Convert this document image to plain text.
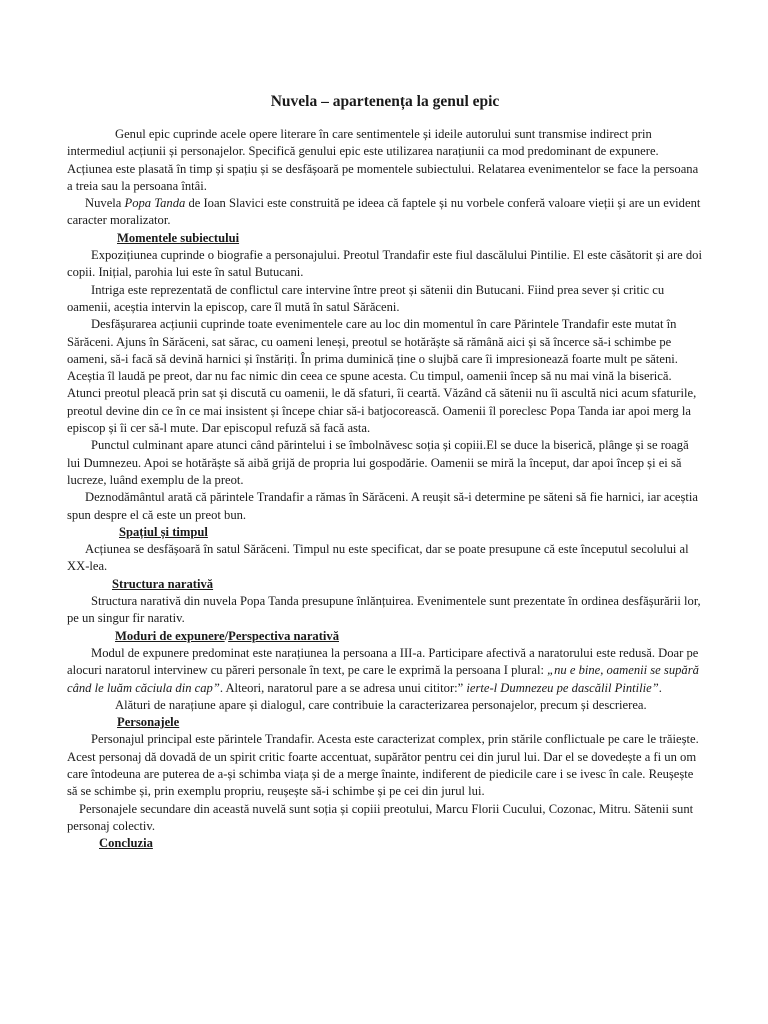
Nuvela – apartenența la genul epic

Genul epic cuprinde acele opere literare în care sentimentele și ideile autorului sunt transmise indirect prin intermediul acțiunii și personajelor. Specifică genului epic este utilizarea narațiunii ca mod predominant de expunere. Acțiunea este plasată în timp și spațiu și se desfășoară pe momentele subiectului. Relatarea evenimentelor se face la persoana a treia sau la persoana întâi.

Nuvela Popa Tanda de Ioan Slavici este construită pe ideea că faptele și nu vorbele conferă valoare vieții și are un evident caracter moralizator.

Momentele subiectului

Expozițiunea cuprinde o biografie a personajului. Preotul Trandafir este fiul dascălului Pintilie. El este căsătorit și are doi copii. Inițial, parohia lui este în satul Butucani.

Intriga este reprezentată de conflictul care intervine între preot și sătenii din Butucani. Fiind prea sever și critic cu oamenii, aceștia intervin la episcop, care îl mută în satul Sărăceni.

Desfășurarea acțiunii cuprinde toate evenimentele care au loc din momentul în care Părintele Trandafir este mutat în Sărăceni. Ajuns în Sărăceni, sat sărac, cu oameni leneși, preotul se hotărăște să rămână aici și să încerce să-i schimbe pe oameni, să-i facă să devină harnici și înstăriți. În prima duminică ține o slujbă care îi impresionează foarte mult pe săteni. Aceștia îl laudă pe preot, dar nu fac nimic din ceea ce spune acesta. Cu timpul, oamenii încep să nu mai vină la biserică. Atunci preotul pleacă prin sat și discută cu oamenii, le dă sfaturi, îi ceartă. Văzând că sătenii nu îi ascultă nici acum sfaturile, preotul devine din ce în ce mai insistent și începe chiar să-i batjocorească. Oamenii îl poreclesc Popa Tanda iar apoi merg la episcop și îi cer să-l mute. Dar episcopul refuză să facă asta.

Punctul culminant apare atunci când părintelui i se îmbolnăvesc soția și copiii.El se duce la biserică, plânge și se roagă lui Dumnezeu. Apoi se hotărăște să aibă grijă de propria lui gospodărie. Oamenii se miră la început, dar apoi încep și ei să lucreze, luând exemplu de la preot.

Deznodământul arată că părintele Trandafir a rămas în Sărăceni. A reușit să-i determine pe săteni să fie harnici, iar aceștia spun despre el că este un preot bun.

Spațiul și timpul

Acțiunea se desfășoară în satul Sărăceni. Timpul nu este specificat, dar se poate presupune că este începutul secolului al XX-lea.

Structura narativă

Structura narativă din nuvela Popa Tanda presupune înlănțuirea. Evenimentele sunt prezentate în ordinea desfășurării lor, pe un singur fir narativ.

Moduri de expunere/Perspectiva narativă

Modul de expunere predominat este narațiunea la persoana a III-a. Participare afectivă a naratorului este redusă. Doar pe alocuri naratorul intervinew cu păreri personale în text, pe care le exprimă la persoana I plural: „nu e bine, oamenii se supără când le luăm căciula din cap”. Alteori, naratorul pare a se adresa unui cititor:” ierte-l Dumnezeu pe dascălil Pintilie”.

Alături de narațiune apare și dialogul, care contribuie la caracterizarea personajelor, precum și descrierea.

Personajele

Personajul principal este părintele Trandafir. Acesta este caracterizat complex, prin stările conflictuale pe care le trăiește. Acest personaj dă dovadă de un spirit critic foarte accentuat, supărător pentru cei din jurul lui. Dar el se dovedește a fi un om care întodeuna are puterea de a-și schimba viața și de a merge înainte, indiferent de piedicile care i se ivesc în cale. Reușește să se schimbe și, prin exemplu propriu, reușește să-i schimbe și pe cei din jurul lui.

Personajele secundare din această nuvelă sunt soția și copiii preotului, Marcu Florii Cucului, Cozonac, Mitru. Sătenii sunt personaj colectiv.

Concluzia
